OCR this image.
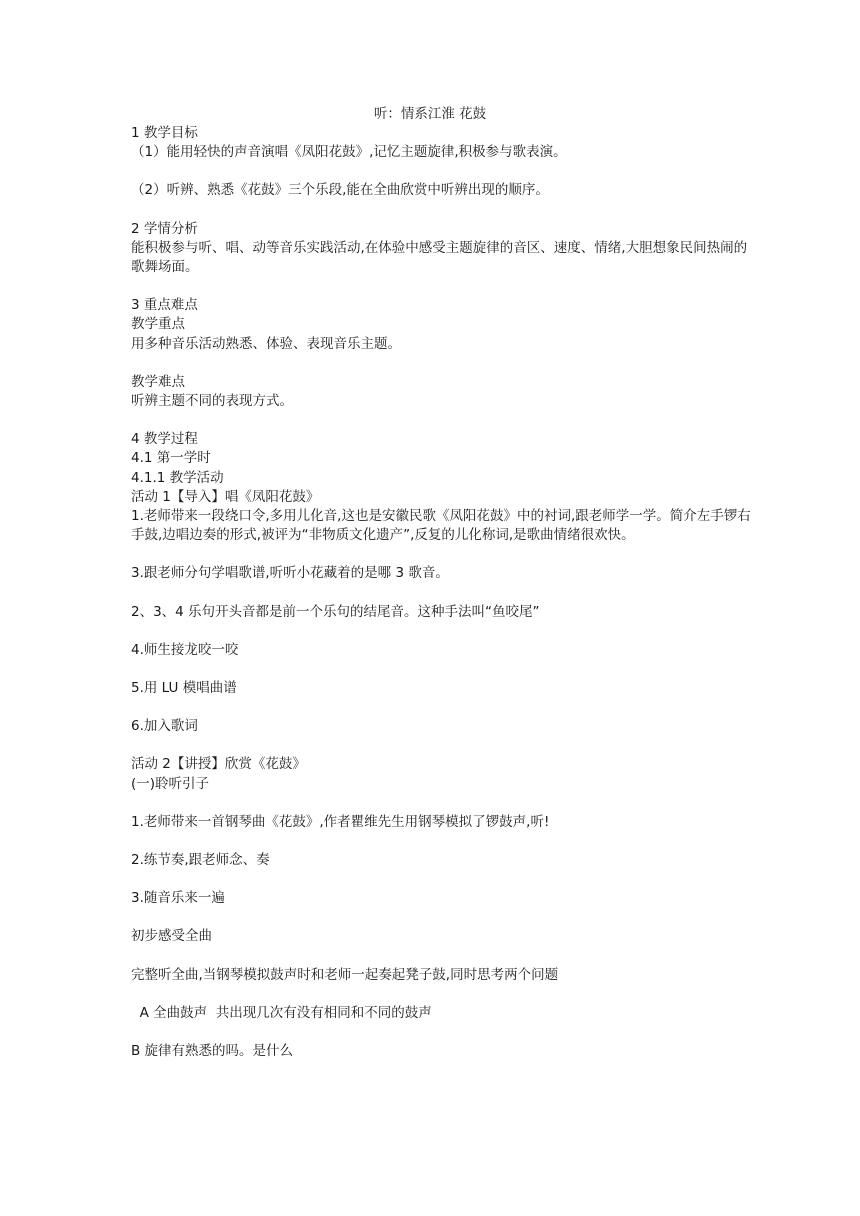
听：情系江淮 花鼓
1 教学目标
（1）能用轻快的声音演唱《凤阳花鼓》,记忆主题旋律,积极参与歌表演。
（2）听辨、熟悉《花鼓》三个乐段,能在全曲欣赏中听辨出现的顺序。
2 学情分析
能积极参与听、唱、动等音乐实践活动,在体验中感受主题旋律的音区、速度、情绪,大胆想象民间热闹的歌舞场面。
3 重点难点
教学重点
用多种音乐活动熟悉、体验、表现音乐主题。
教学难点
听辨主题不同的表现方式。
4 教学过程
4.1 第一学时
4.1.1 教学活动
活动 1【导入】唱《凤阳花鼓》
1.老师带来一段绕口令,多用儿化音,这也是安徽民歌《凤阳花鼓》中的衬词,跟老师学一学。简介左手锣右手鼓,边唱边奏的形式,被评为“非物质文化遗产”,反复的儿化称词,是歌曲情绪很欢快。
3.跟老师分句学唱歌谱,听听小花藏着的是哪 3 歌音。
2、3、4 乐句开头音都是前一个乐句的结尾音。这种手法叫“鱼咬尾”
4.师生接龙咬一咬
5.用 LU 模唱曲谱
6.加入歌词
活动 2【讲授】欣赏《花鼓》
(一)聆听引子
1.老师带来一首钢琴曲《花鼓》,作者瞿维先生用钢琴模拟了锣鼓声,听!
2.练节奏,跟老师念、奏
3.随音乐来一遍
初步感受全曲
完整听全曲,当钢琴模拟鼓声时和老师一起奏起凳子鼓,同时思考两个问题
A 全曲鼓声  共出现几次有没有相同和不同的鼓声
B 旋律有熟悉的吗。是什么
